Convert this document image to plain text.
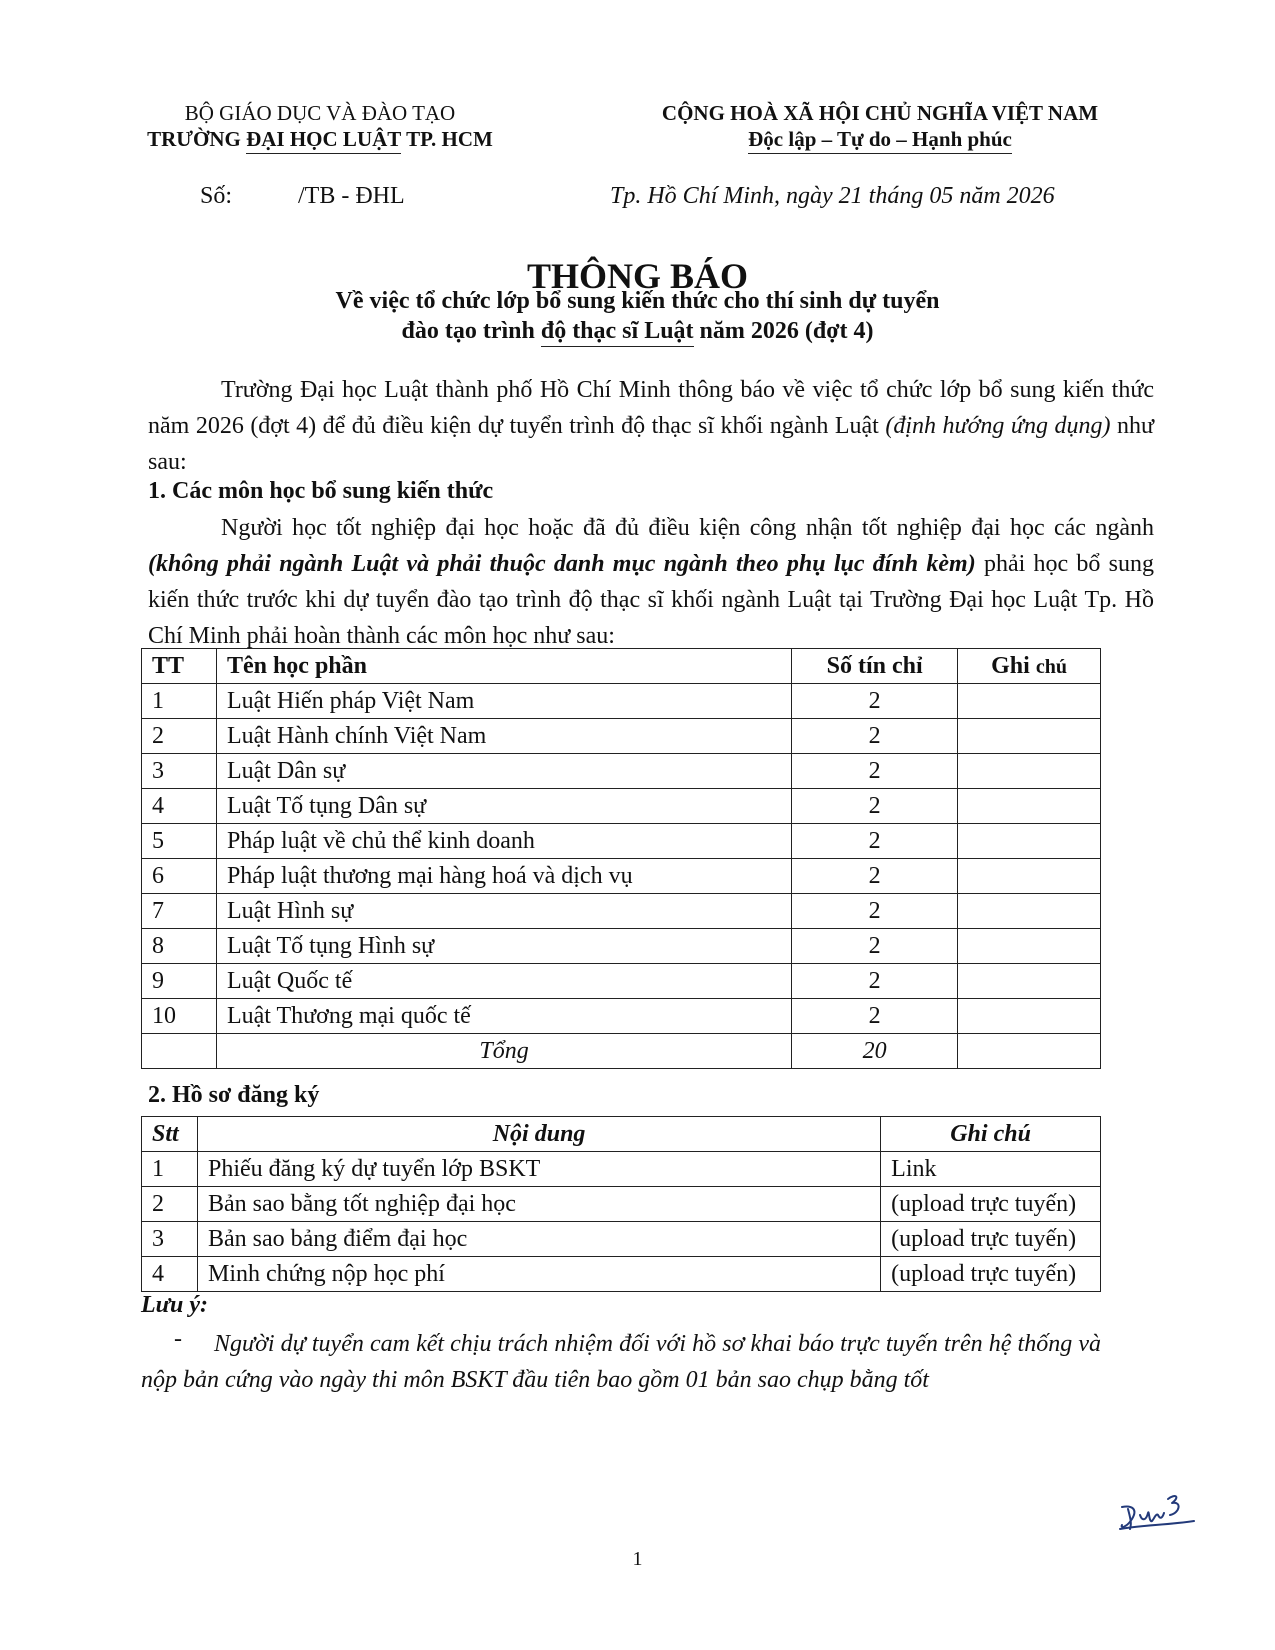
BỘ GIÁO DỤC VÀ ĐÀO TẠO
TRƯỜNG ĐẠI HỌC LUẬT TP. HCM
CỘNG HOÀ XÃ HỘI CHỦ NGHĨA VIỆT NAM
Độc lập – Tự do – Hạnh phúc
Số:	/TB - ĐHL	Tp. Hồ Chí Minh, ngày 21 tháng 05 năm 2026
THÔNG BÁO
Về việc tổ chức lớp bổ sung kiến thức cho thí sinh dự tuyển
đào tạo trình độ thạc sĩ Luật năm 2026 (đợt 4)
Trường Đại học Luật thành phố Hồ Chí Minh thông báo về việc tổ chức lớp bổ sung kiến thức năm 2026 (đợt 4) để đủ điều kiện dự tuyển trình độ thạc sĩ khối ngành Luật (định hướng ứng dụng) như sau:
1. Các môn học bổ sung kiến thức
Người học tốt nghiệp đại học hoặc đã đủ điều kiện công nhận tốt nghiệp đại học các ngành (không phải ngành Luật và phải thuộc danh mục ngành theo phụ lục đính kèm) phải học bổ sung kiến thức trước khi dự tuyển đào tạo trình độ thạc sĩ khối ngành Luật tại Trường Đại học Luật Tp. Hồ Chí Minh phải hoàn thành các môn học như sau:
TT	Tên học phần	Số tín chỉ	Ghi chú
1	Luật Hiến pháp Việt Nam	2	
2	Luật Hành chính Việt Nam	2	
3	Luật Dân sự	2	
4	Luật Tố tụng Dân sự	2	
5	Pháp luật về chủ thể kinh doanh	2	
6	Pháp luật thương mại hàng hoá và dịch vụ	2	
7	Luật Hình sự	2	
8	Luật Tố tụng Hình sự	2	
9	Luật Quốc tế	2	
10	Luật Thương mại quốc tế	2	
	Tổng	20	
2. Hồ sơ đăng ký
Stt	Nội dung	Ghi chú
1	Phiếu đăng ký dự tuyển lớp BSKT	Link
2	Bản sao bằng tốt nghiệp đại học	(upload trực tuyến)
3	Bản sao bảng điểm đại học	(upload trực tuyến)
4	Minh chứng nộp học phí	(upload trực tuyến)
Lưu ý:
-	Người dự tuyển cam kết chịu trách nhiệm đối với hồ sơ khai báo trực tuyến trên hệ thống và nộp bản cứng vào ngày thi môn BSKT đầu tiên bao gồm 01 bản sao chụp bằng tốt
1
